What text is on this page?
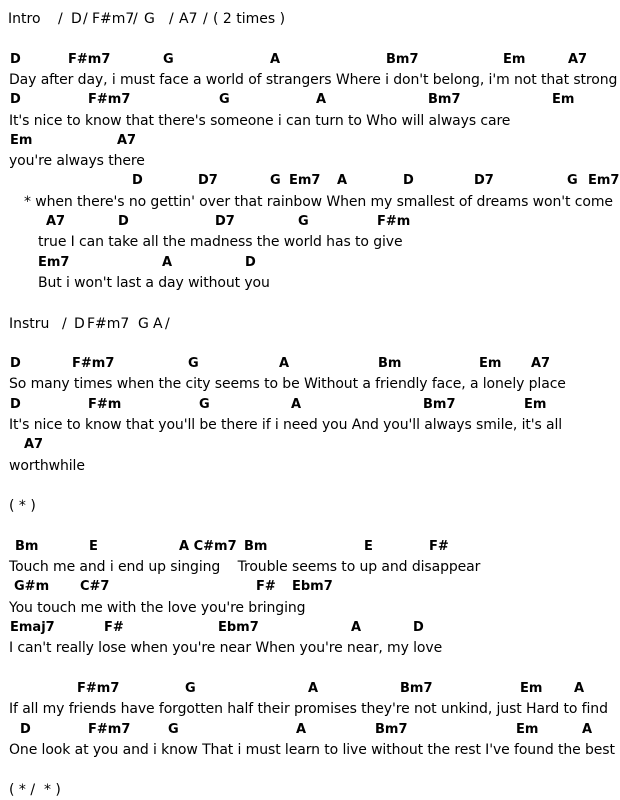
Intro / D / F#m7
/ G / A7 / ( 2 times )
D	F#m7	G	A	Bm7	Em	A7
Day after day, i must face a world of strangers Where i don't belong, i'm not that strong
D	F#m7	G	A	Bm7	Em
It's nice to know that there's someone i can turn to Who will always care
Em	A7
you're always there
D	D7	G Em7 A	D	D7	G Em7
* when there's no gettin' over that rainbow When my smallest of dreams won't come
A7	D	D7	G	F#m
true I can take all the madness the world has to give
Em7	A	D
But i won't last a day without you
Instru / D F#m7 G A /
D	F#m7	G	A	Bm	Em A7
So many times when the city seems to be Without a friendly face, a lonely place
D	F#m	G	A	Bm7	Em
It's nice to know that you'll be there if i need you And you'll always smile, it's all
A7
worthwhile
( * )
Bm	E	A C#m7 Bm	E	F#
Touch me and i end up singing    Trouble seems to up and disappear
G#m C#7	F# Ebm7
You touch me with the love you're bringing
Emaj7	F#	Ebm7	A	D
I can't really lose when you're near When you're near, my love
F#m7	G	A	Bm7	Em A
If all my friends have forgotten half their promises they're not unkind, just Hard to find
D	F#m7	G	A	Bm7	Em	A
One look at you and i know That i must learn to live without the rest I've found the best
( * /  * )
